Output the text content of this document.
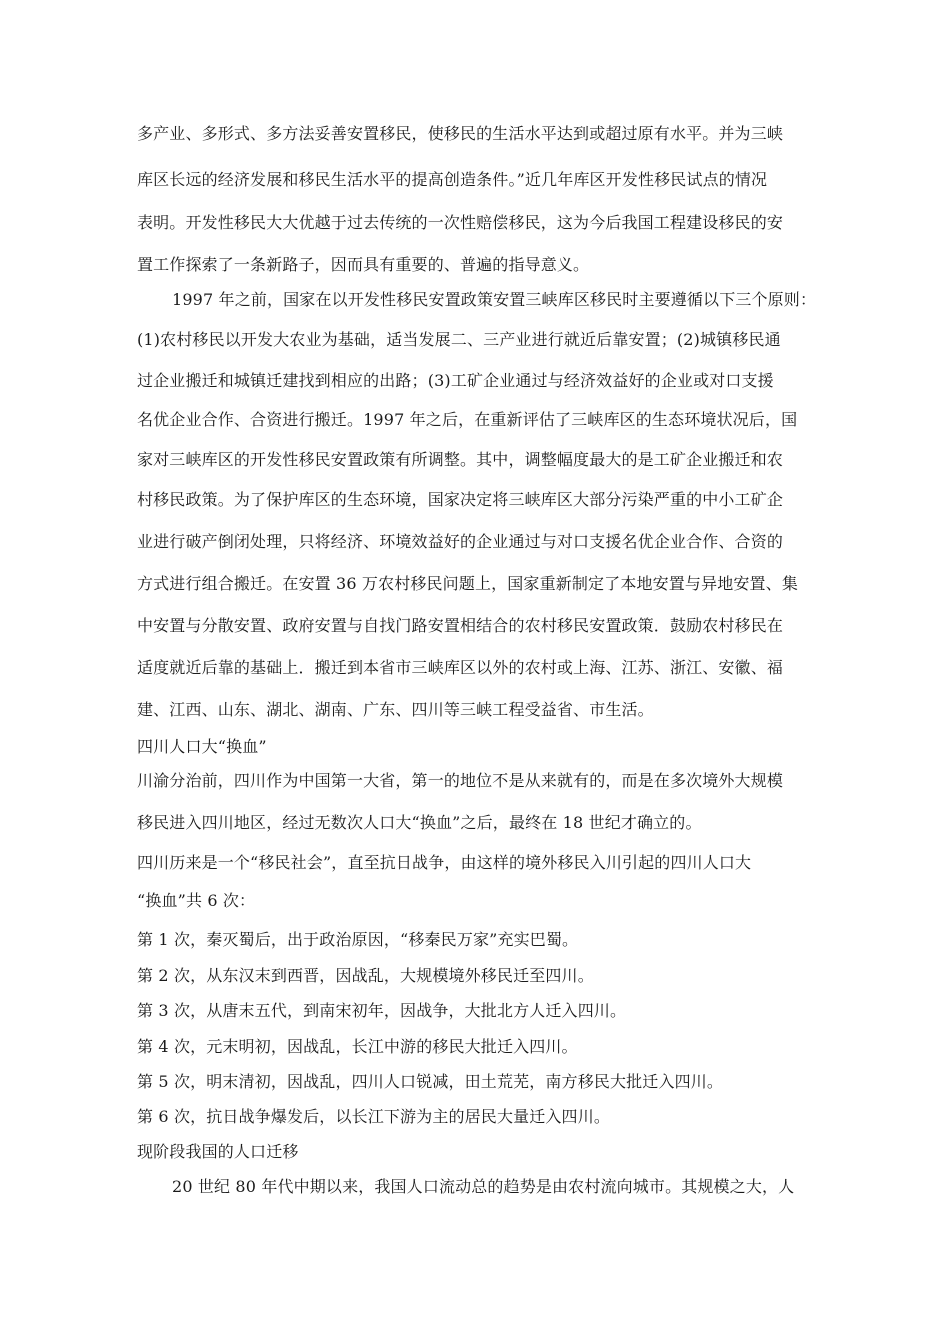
多产业、多形式、多方法妥善安置移民，使移民的生活水平达到或超过原有水平。并为三峡
库区长远的经济发展和移民生活水平的提高创造条件。”近几年库区开发性移民试点的情况
表明。开发性移民大大优越于过去传统的一次性赔偿移民，这为今后我国工程建设移民的安
置工作探索了一条新路子，因而具有重要的、普遍的指导意义。
1997 年之前，国家在以开发性移民安置政策安置三峡库区移民时主要遵循以下三个原则：
(1)农村移民以开发大农业为基础，适当发展二、三产业进行就近后靠安置；(2)城镇移民通
过企业搬迁和城镇迁建找到相应的出路；(3)工矿企业通过与经济效益好的企业或对口支援
名优企业合作、合资进行搬迁。1997 年之后，在重新评估了三峡库区的生态环境状况后，国
家对三峡库区的开发性移民安置政策有所调整。其中，调整幅度最大的是工矿企业搬迁和农
村移民政策。为了保护库区的生态环境，国家决定将三峡库区大部分污染严重的中小工矿企
业进行破产倒闭处理，只将经济、环境效益好的企业通过与对口支援名优企业合作、合资的
方式进行组合搬迁。在安置 36 万农村移民问题上，国家重新制定了本地安置与异地安置、集
中安置与分散安置、政府安置与自找门路安置相结合的农村移民安置政策．鼓励农村移民在
适度就近后靠的基础上．搬迁到本省市三峡库区以外的农村或上海、江苏、浙江、安徽、福
建、江西、山东、湖北、湖南、广东、四川等三峡工程受益省、市生活。
四川人口大“换血”
川渝分治前，四川作为中国第一大省，第一的地位不是从来就有的，而是在多次境外大规模
移民进入四川地区，经过无数次人口大“换血”之后，最终在 18 世纪才确立的。
四川历来是一个“移民社会”，直至抗日战争，由这样的境外移民入川引起的四川人口大
“换血”共 6 次：
第 1 次，秦灭蜀后，出于政治原因，“移秦民万家”充实巴蜀。
第 2 次，从东汉末到西晋，因战乱，大规模境外移民迁至四川。
第 3 次，从唐末五代，到南宋初年，因战争，大批北方人迁入四川。
第 4 次，元末明初，因战乱，长江中游的移民大批迁入四川。
第 5 次，明末清初，因战乱，四川人口锐减，田土荒芜，南方移民大批迁入四川。
第 6 次，抗日战争爆发后，以长江下游为主的居民大量迁入四川。
现阶段我国的人口迁移
20 世纪 80 年代中期以来，我国人口流动总的趋势是由农村流向城市。其规模之大，人
